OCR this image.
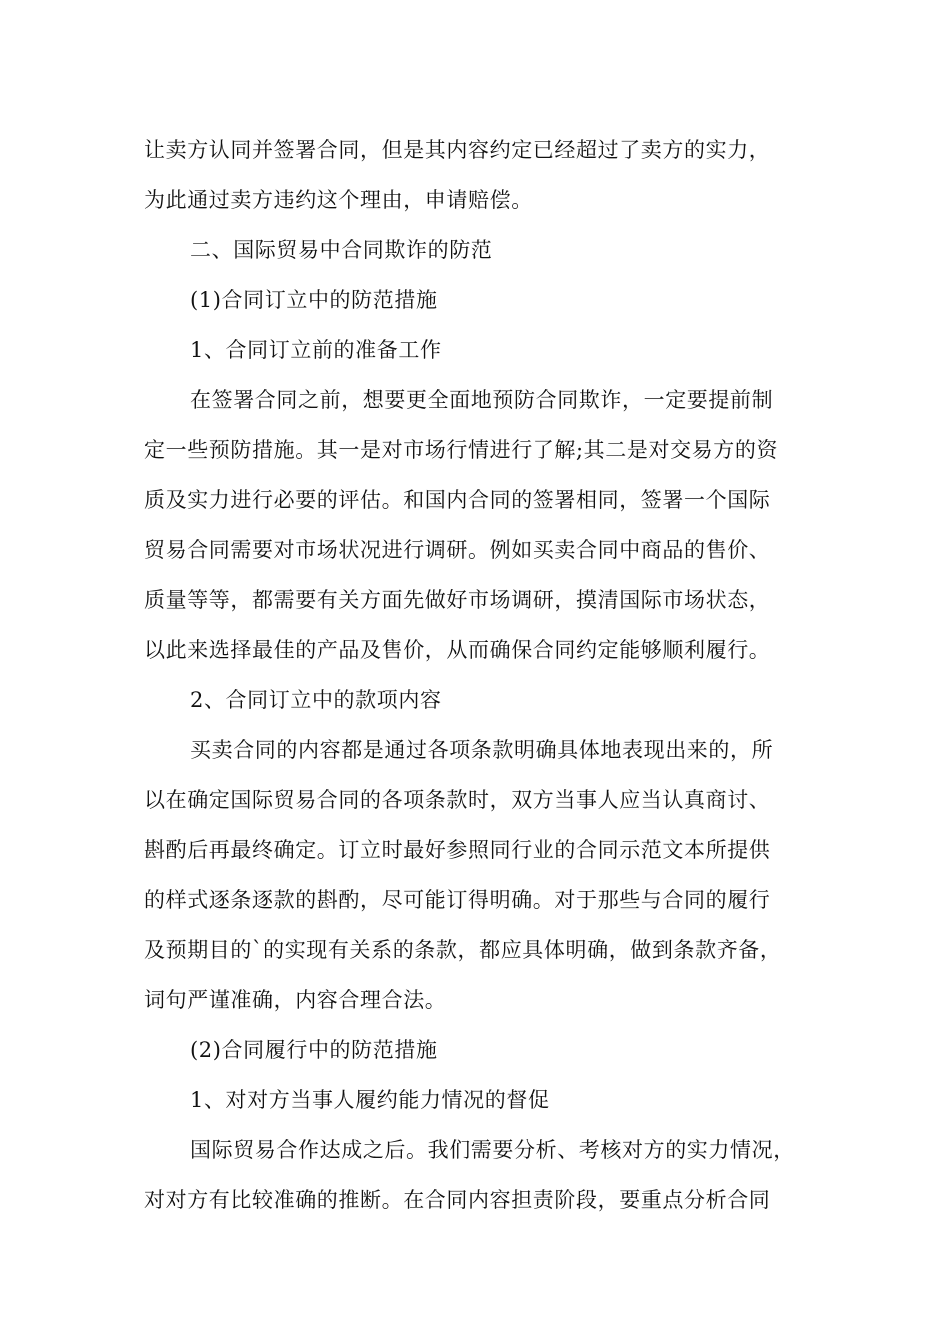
让卖方认同并签署合同，但是其内容约定已经超过了卖方的实力，
为此通过卖方违约这个理由，申请赔偿。
二、国际贸易中合同欺诈的防范
(1)合同订立中的防范措施
1、合同订立前的准备工作
在签署合同之前，想要更全面地预防合同欺诈，一定要提前制
定一些预防措施。其一是对市场行情进行了解;其二是对交易方的资
质及实力进行必要的评估。和国内合同的签署相同，签署一个国际
贸易合同需要对市场状况进行调研。例如买卖合同中商品的售价、
质量等等，都需要有关方面先做好市场调研，摸清国际市场状态，
以此来选择最佳的产品及售价，从而确保合同约定能够顺利履行。
2、合同订立中的款项内容
买卖合同的内容都是通过各项条款明确具体地表现出来的，所
以在确定国际贸易合同的各项条款时，双方当事人应当认真商讨、
斟酌后再最终确定。订立时最好参照同行业的合同示范文本所提供
的样式逐条逐款的斟酌，尽可能订得明确。对于那些与合同的履行
及预期目的`的实现有关系的条款，都应具体明确，做到条款齐备，
词句严谨准确，内容合理合法。
(2)合同履行中的防范措施
1、对对方当事人履约能力情况的督促
国际贸易合作达成之后。我们需要分析、考核对方的实力情况，
对对方有比较准确的推断。在合同内容担责阶段，要重点分析合同
